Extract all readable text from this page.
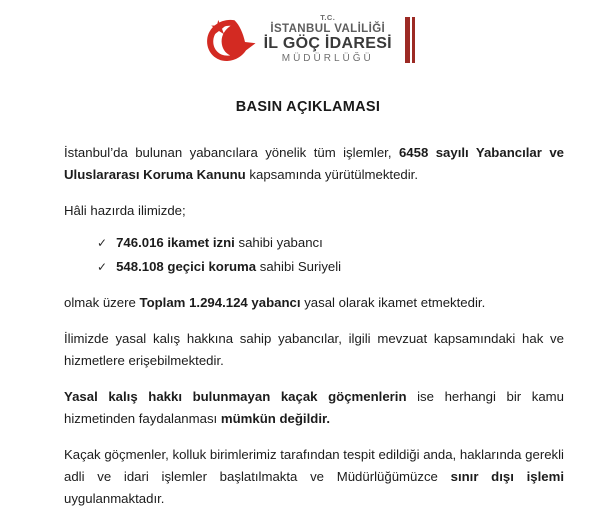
T.C.
İSTANBUL VALİLİĞİ
İL GÖÇ İDARESİ
MÜDÜRLÜĞÜ
BASIN AÇIKLAMASI

İstanbul’da bulunan yabancılara yönelik tüm işlemler, 6458 sayılı Yabancılar ve Uluslararası Koruma Kanunu kapsamında yürütülmektedir.

Hâli hazırda ilimizde;

✓ 746.016 ikamet izni sahibi yabancı
✓ 548.108 geçici koruma sahibi Suriyeli

olmak üzere Toplam 1.294.124 yabancı yasal olarak ikamet etmektedir.

İlimizde yasal kalış hakkına sahip yabancılar, ilgili mevzuat kapsamındaki hak ve hizmetlere erişebilmektedir.

Yasal kalış hakkı bulunmayan kaçak göçmenlerin ise herhangi bir kamu hizmetinden faydalanması mümkün değildir.

Kaçak göçmenler, kolluk birimlerimiz tarafından tespit edildiği anda, haklarında gerekli adli ve idari işlemler başlatılmakta ve Müdürlüğümüzce sınır dışı işlemi uygulanmaktadır.
